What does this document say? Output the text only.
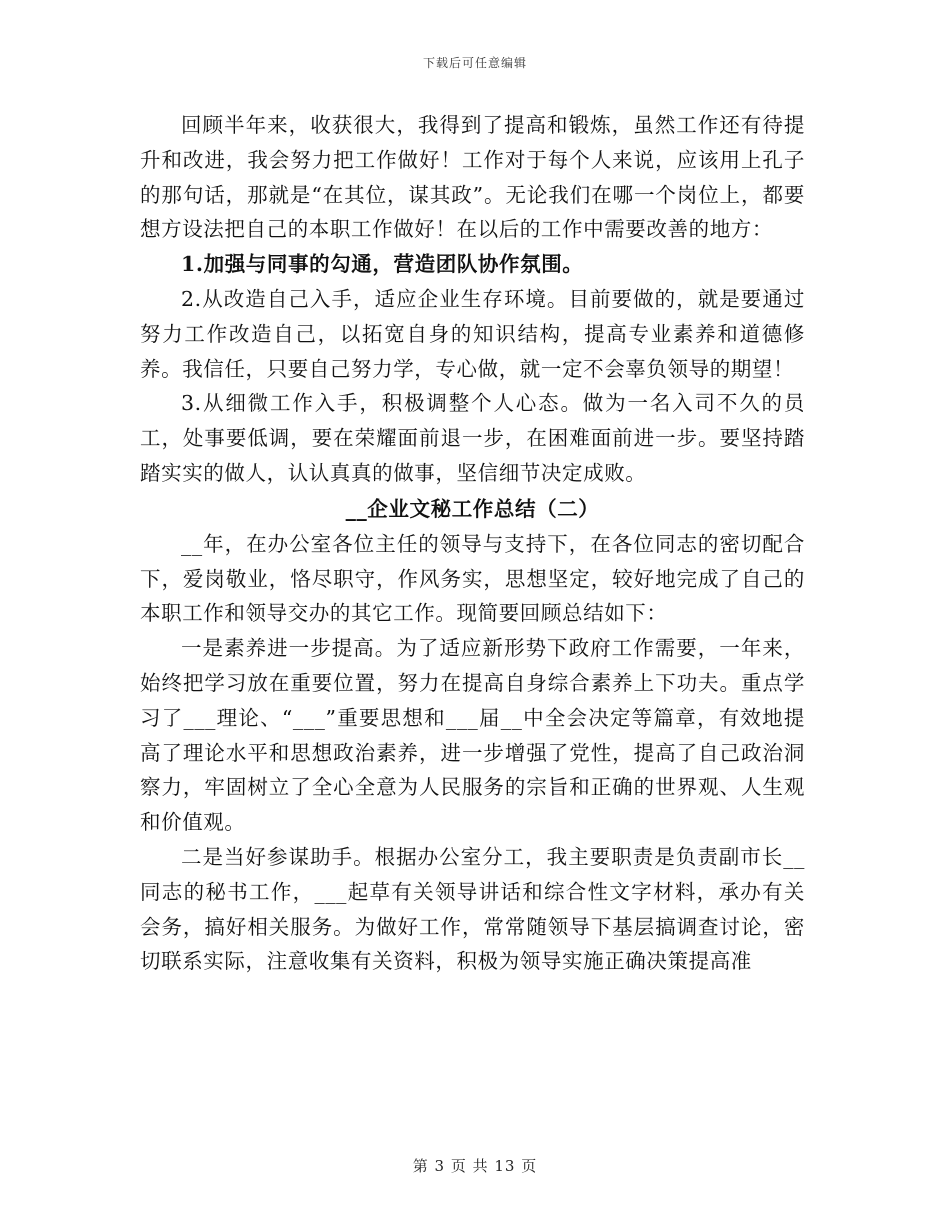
下载后可任意编辑

回顾半年来，收获很大，我得到了提高和锻炼，虽然工作还有待提升和改进，我会努力把工作做好！工作对于每个人来说，应该用上孔子的那句话，那就是“在其位，谋其政”。无论我们在哪一个岗位上，都要想方设法把自己的本职工作做好！在以后的工作中需要改善的地方：

1.加强与同事的勾通，营造团队协作氛围。

2.从改造自己入手，适应企业生存环境。目前要做的，就是要通过努力工作改造自己，以拓宽自身的知识结构，提高专业素养和道德修养。我信任，只要自己努力学，专心做，就一定不会辜负领导的期望！

3.从细微工作入手，积极调整个人心态。做为一名入司不久的员工，处事要低调，要在荣耀面前退一步，在困难面前进一步。要坚持踏踏实实的做人，认认真真的做事，坚信细节决定成败。

__企业文秘工作总结（二）

__年，在办公室各位主任的领导与支持下，在各位同志的密切配合下，爱岗敬业，恪尽职守，作风务实，思想坚定，较好地完成了自己的本职工作和领导交办的其它工作。现简要回顾总结如下：

一是素养进一步提高。为了适应新形势下政府工作需要，一年来，始终把学习放在重要位置，努力在提高自身综合素养上下功夫。重点学习了___理论、“___”重要思想和___届__中全会决定等篇章，有效地提高了理论水平和思想政治素养，进一步增强了党性，提高了自己政治洞察力，牢固树立了全心全意为人民服务的宗旨和正确的世界观、人生观和价值观。

二是当好参谋助手。根据办公室分工，我主要职责是负责副市长__同志的秘书工作，___起草有关领导讲话和综合性文字材料，承办有关会务，搞好相关服务。为做好工作，常常随领导下基层搞调查讨论，密切联系实际，注意收集有关资料，积极为领导实施正确决策提高准

第 3 页 共 13 页
